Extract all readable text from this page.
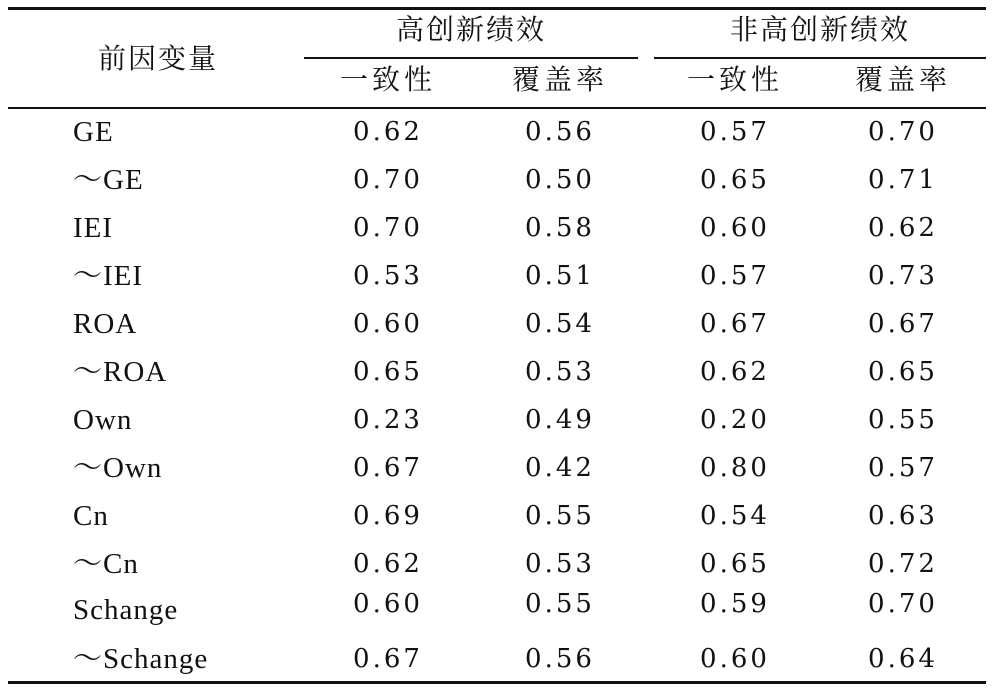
前因变量
高创新绩效	非高创新绩效
一致性	覆盖率	一致性	覆盖率
GE	0.62	0.56	0.57	0.70
～GE	0.70	0.50	0.65	0.71
IEI	0.70	0.58	0.60	0.62
～IEI	0.53	0.51	0.57	0.73
ROA	0.60	0.54	0.67	0.67
～ROA	0.65	0.53	0.62	0.65
Own	0.23	0.49	0.20	0.55
～Own	0.67	0.42	0.80	0.57
Cn	0.69	0.55	0.54	0.63
～Cn	0.62	0.53	0.65	0.72
Schange	0.60	0.55	0.59	0.70
～Schange	0.67	0.56	0.60	0.64
